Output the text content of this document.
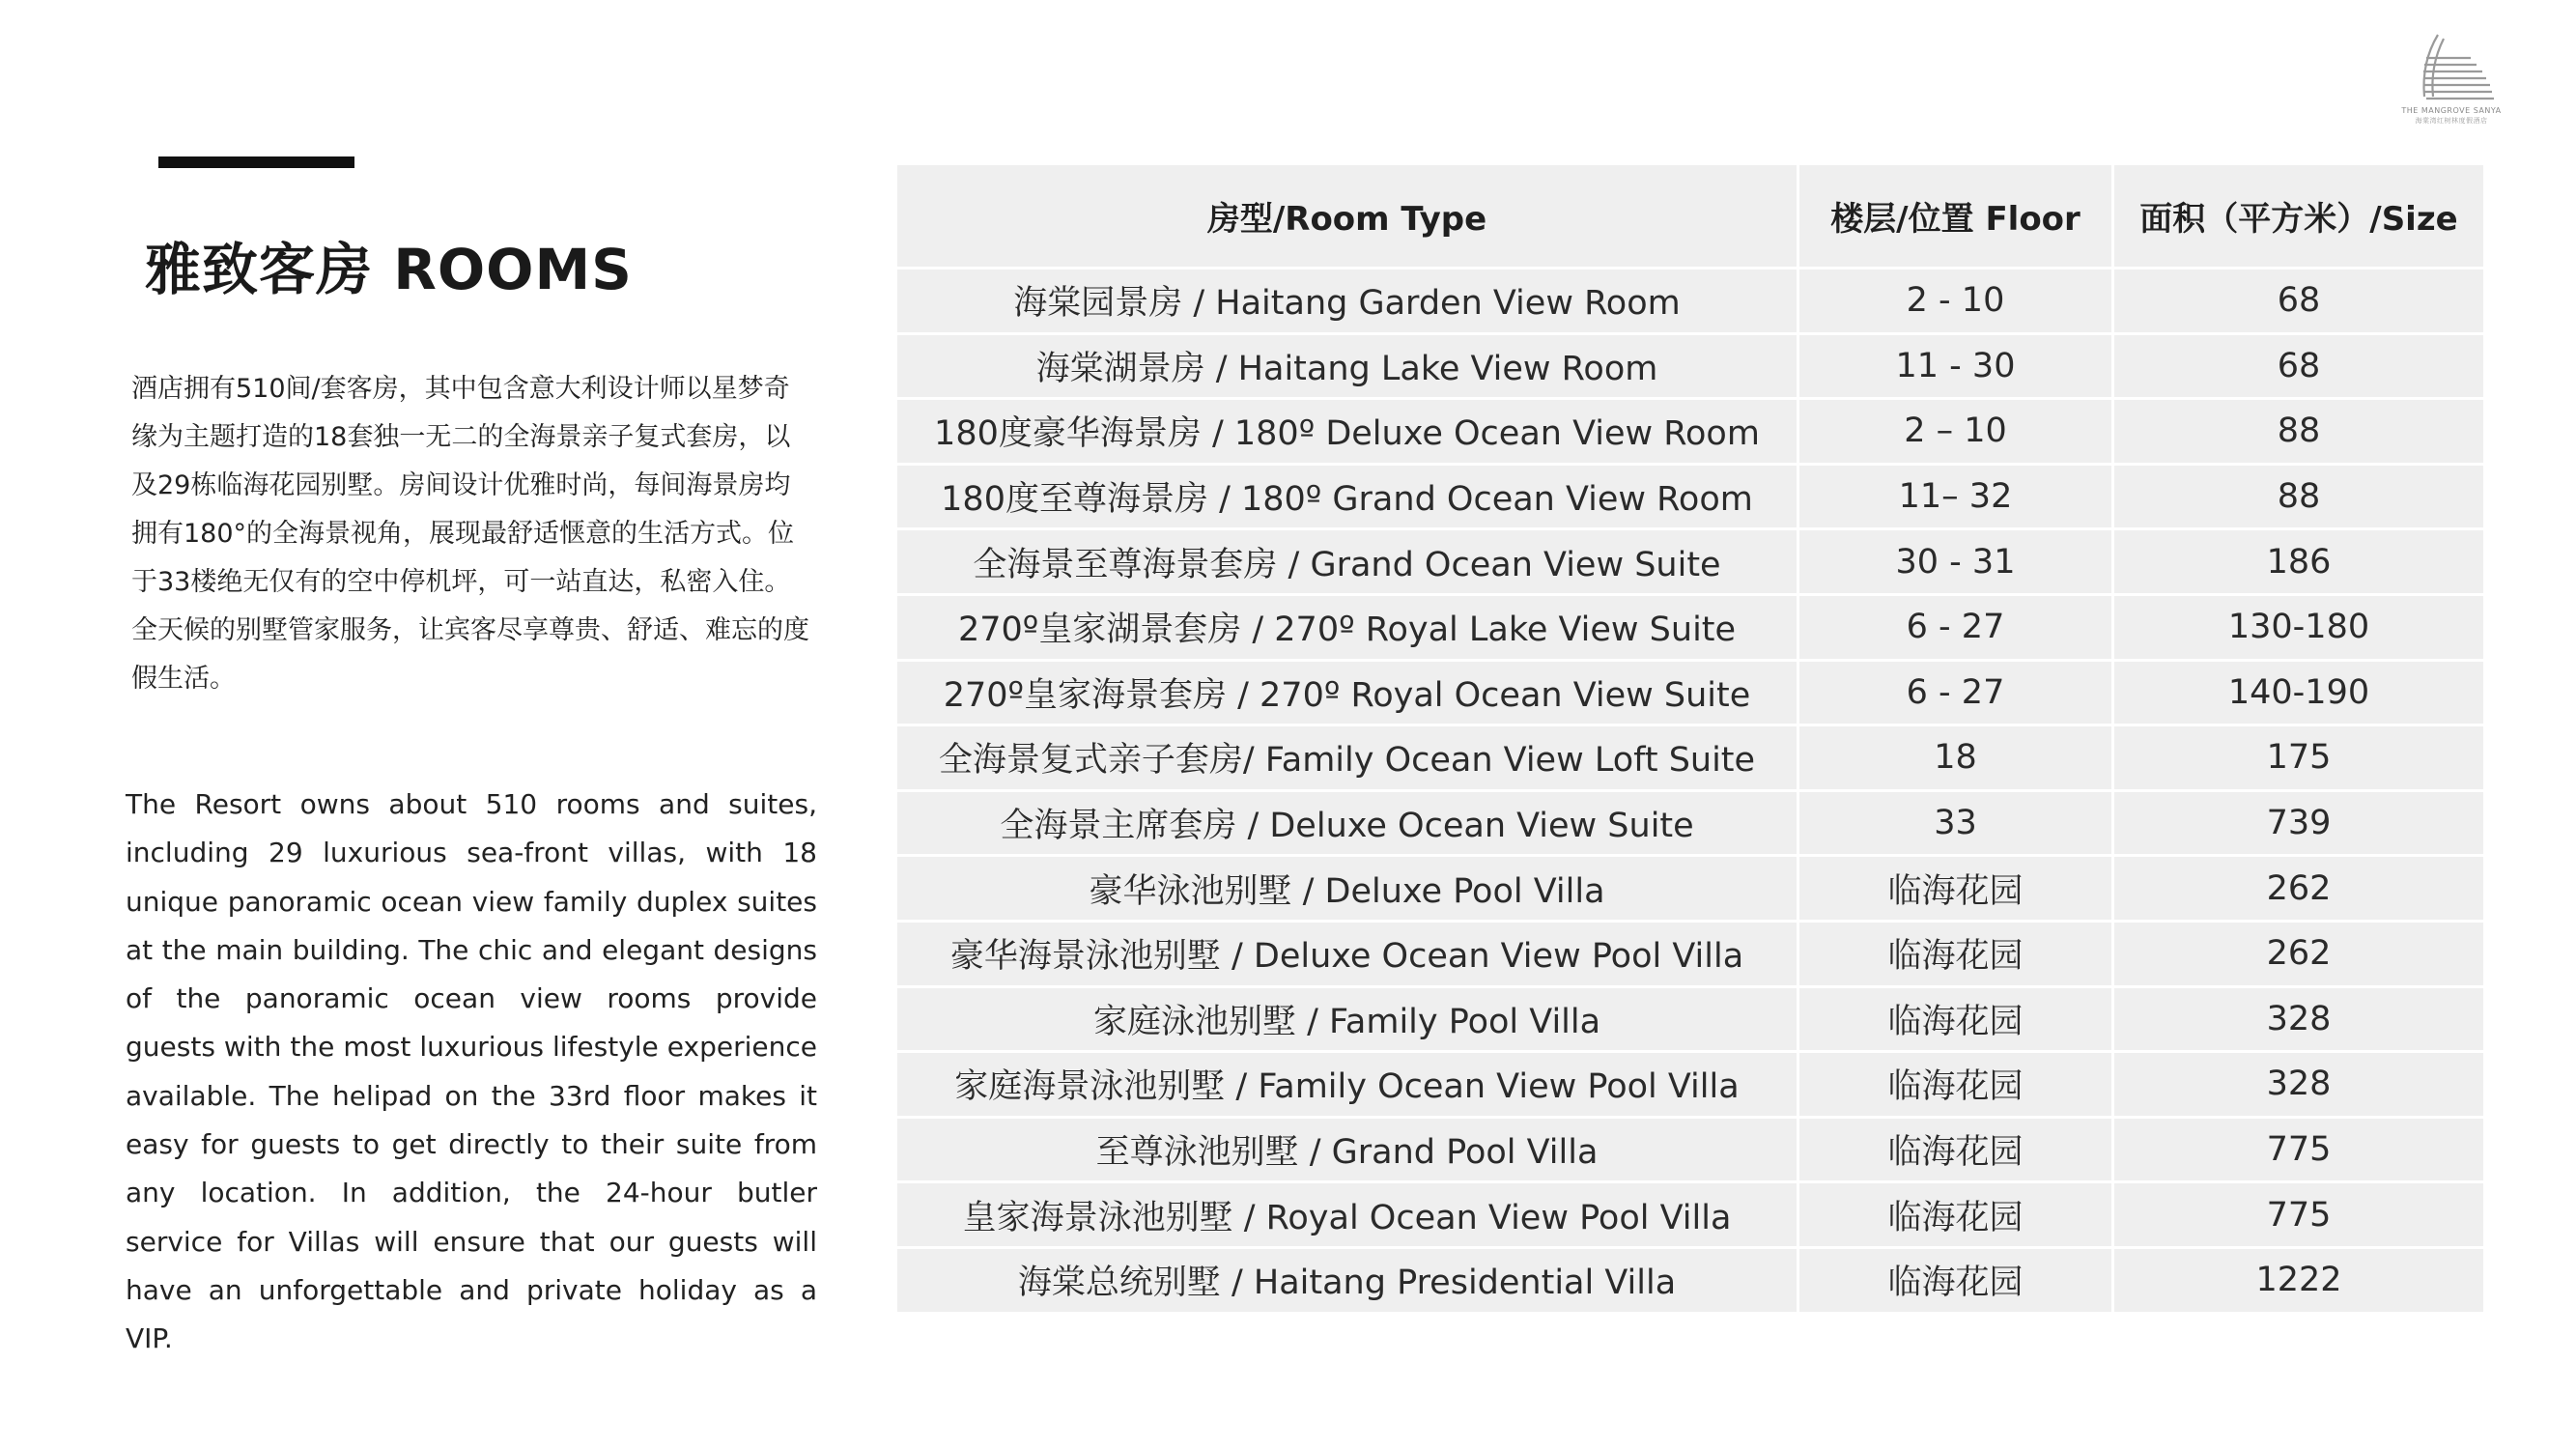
雅致客房 ROOMS
酒店拥有510间/套客房，其中包含意大利设计师以星梦奇
缘为主题打造的18套独一无二的全海景亲子复式套房，以
及29栋临海花园别墅。房间设计优雅时尚，每间海景房均
拥有180°的全海景视角，展现最舒适惬意的生活方式。位
于33楼绝无仅有的空中停机坪，可一站直达，私密入住。
全天候的别墅管家服务，让宾客尽享尊贵、舒适、难忘的度
假生活。

The Resort owns about 510 rooms and suites, including 29 luxurious sea-front villas, with 18 unique panoramic ocean view family duplex suites at the main building. The chic and elegant designs of the panoramic ocean view rooms provide guests with the most luxurious lifestyle experience available. The helipad on the 33rd floor makes it easy for guests to get directly to their suite from any location. In addition, the 24-hour butler service for Villas will ensure that our guests will have an unforgettable and private holiday as a VIP.

THE MANGROVE SANYA
海棠湾红树林度假酒店
房型/Room Type	楼层/位置 Floor	面积（平方米）/Size
海棠园景房 / Haitang Garden View Room	2 - 10	68
海棠湖景房 / Haitang Lake View Room	11 - 30	68
180度豪华海景房 / 180º Deluxe Ocean View Room	2 – 10	88
180度至尊海景房 / 180º Grand Ocean View Room	11– 32	88
全海景至尊海景套房 / Grand Ocean View Suite	30 - 31	186
270º皇家湖景套房 / 270º Royal Lake View Suite	6 - 27	130-180
270º皇家海景套房 / 270º Royal Ocean View Suite	6 - 27	140-190
全海景复式亲子套房/ Family Ocean View Loft Suite	18	175
全海景主席套房 / Deluxe Ocean View Suite	33	739
豪华泳池别墅 / Deluxe Pool Villa	临海花园	262
豪华海景泳池别墅 / Deluxe Ocean View Pool Villa	临海花园	262
家庭泳池别墅 / Family Pool Villa	临海花园	328
家庭海景泳池别墅 / Family Ocean View Pool Villa	临海花园	328
至尊泳池别墅 / Grand Pool Villa	临海花园	775
皇家海景泳池别墅 / Royal Ocean View Pool Villa	临海花园	775
海棠总统别墅 / Haitang Presidential Villa	临海花园	1222
